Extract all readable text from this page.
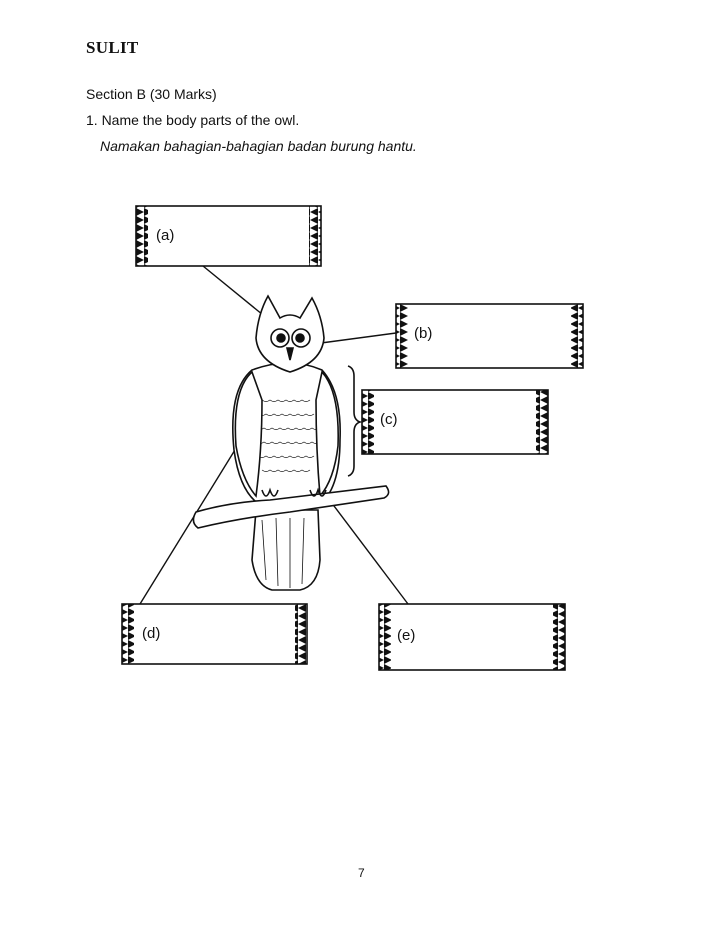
SULIT
Section B (30 Marks)
1. Name the body parts of the owl.
Namakan bahagian-bahagian badan burung hantu.
(a)
(b)
(c)
(d)	(e)
7
